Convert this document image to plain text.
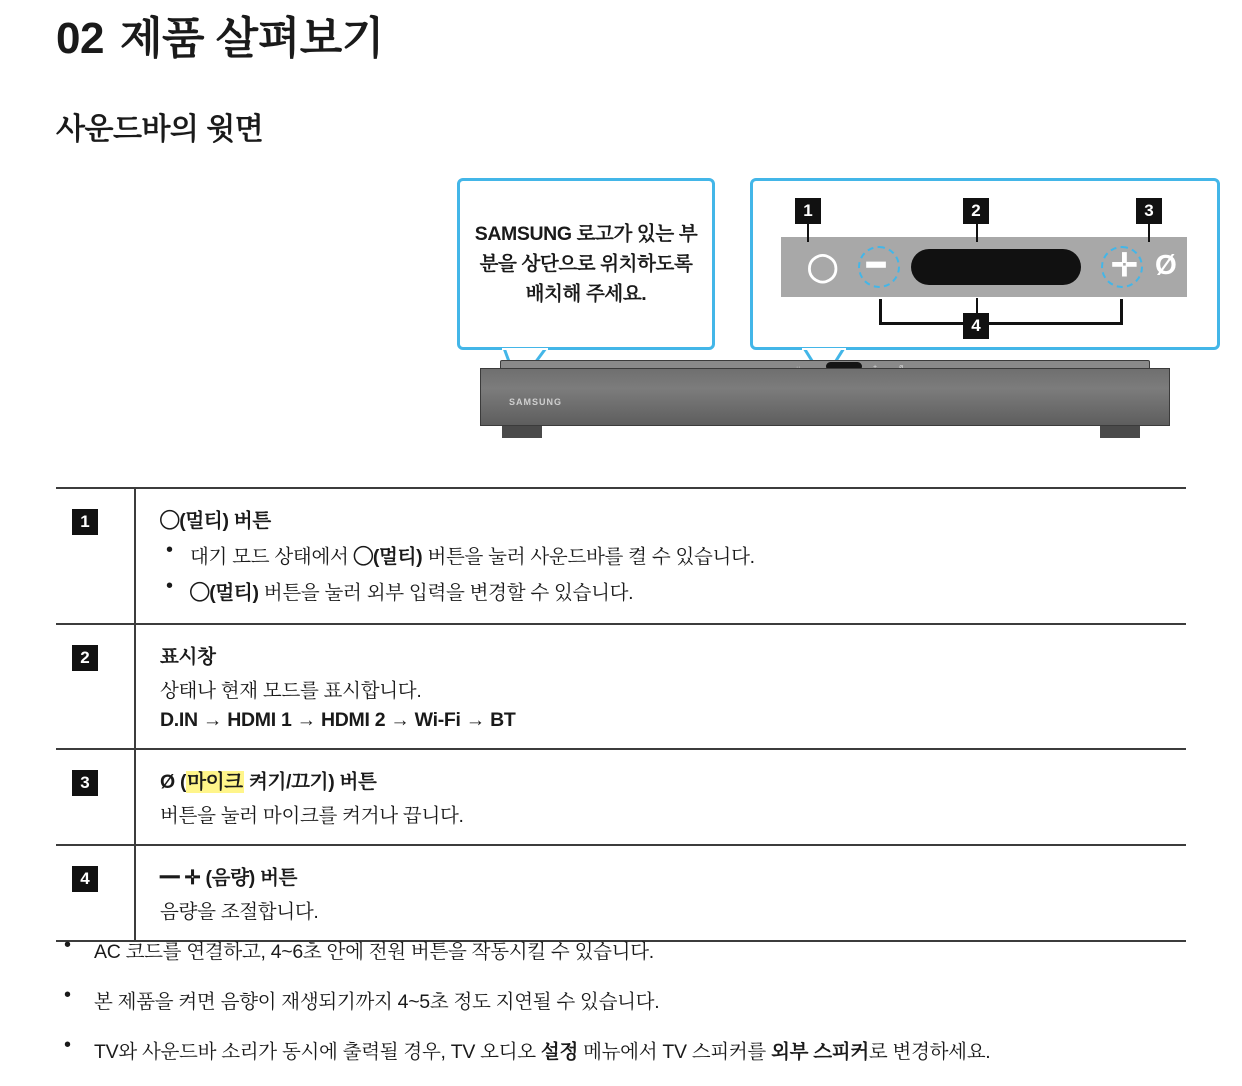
02 제품 살펴보기
사운드바의 윗면
SAMSUNG 로고가 있는 부분을 상단으로 위치하도록 배치해 주세요.
◯ ━	✛ Ø
1	2	3
4
SAMSUNG
1	◯(멀티) 버튼

• 대기 모드 상태에서 ◯(멀티) 버튼을 눌러 사운드바를 켤 수 있습니다.
• ◯(멀티) 버튼을 눌러 외부 입력을 변경할 수 있습니다.
2	표시창

상태나 현재 모드를 표시합니다.

D.IN → HDMI 1 → HDMI 2 → Wi-Fi → BT

3	Ø (마이크 켜기/끄기) 버튼

버튼을 눌러 마이크를 켜거나 끕니다.

4	━ ✛ (음량) 버튼

음량을 조절합니다.

• AC 코드를 연결하고, 4~6초 안에 전원 버튼을 작동시킬 수 있습니다.
• 본 제품을 켜면 음향이 재생되기까지 4~5초 정도 지연될 수 있습니다.
• TV와 사운드바 소리가 동시에 출력될 경우, TV 오디오 설정 메뉴에서 TV 스피커를 외부 스피커로 변경하세요.
